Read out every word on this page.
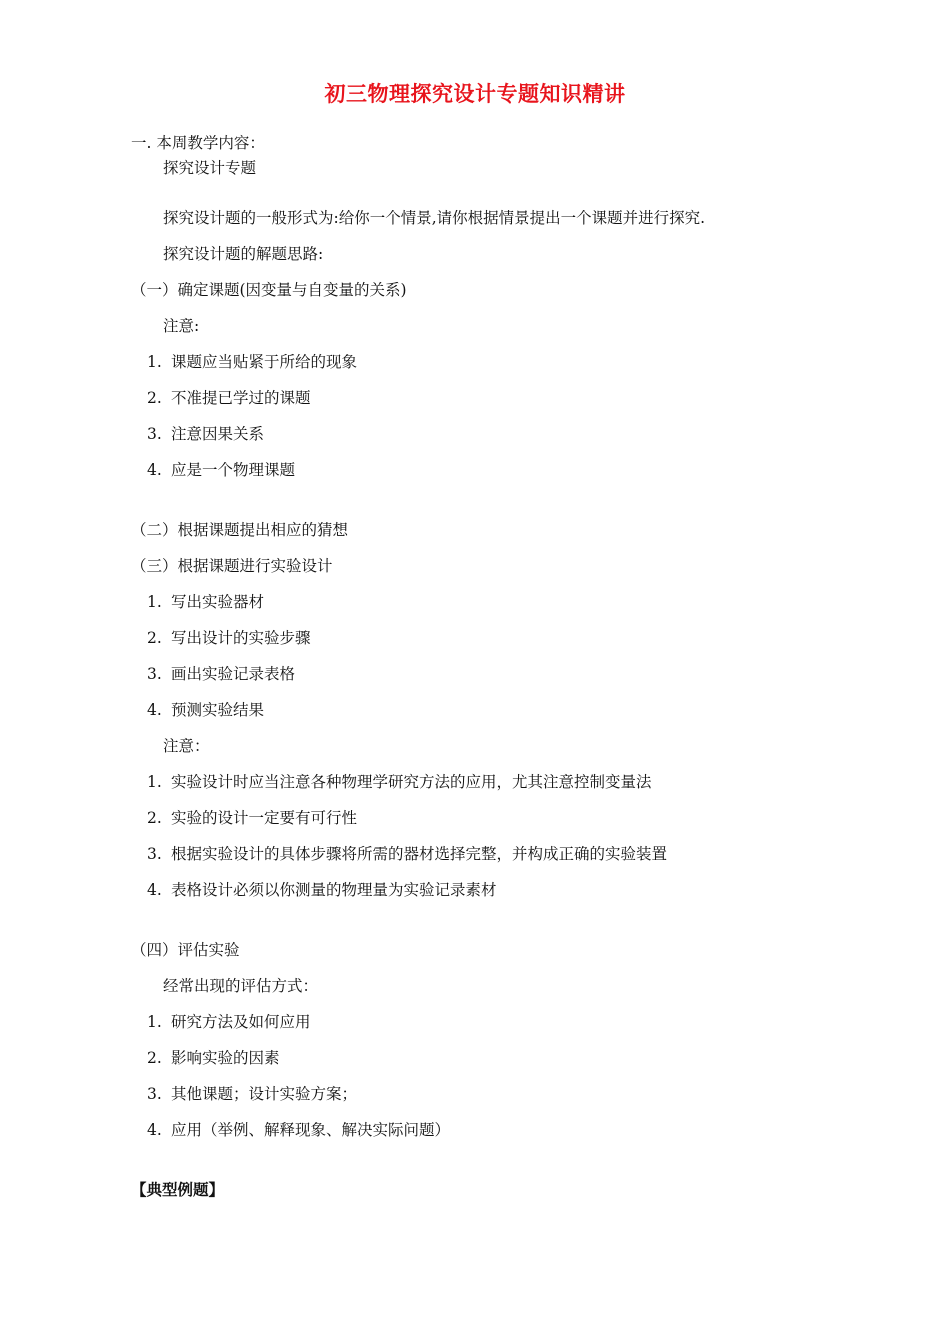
初三物理探究设计专题知识精讲
一. 本周教学内容：
探究设计专题
探究设计题的一般形式为:给你一个情景,请你根据情景提出一个课题并进行探究.
探究设计题的解题思路:
（一）确定课题(因变量与自变量的关系)
注意:
1. 课题应当贴紧于所给的现象
2. 不准提已学过的课题
3. 注意因果关系
4. 应是一个物理课题
（二）根据课题提出相应的猜想
（三）根据课题进行实验设计
1. 写出实验器材
2. 写出设计的实验步骤
3. 画出实验记录表格
4. 预测实验结果
注意：
1. 实验设计时应当注意各种物理学研究方法的应用，尤其注意控制变量法
2. 实验的设计一定要有可行性
3. 根据实验设计的具体步骤将所需的器材选择完整，并构成正确的实验装置
4. 表格设计必须以你测量的物理量为实验记录素材
（四）评估实验
经常出现的评估方式：
1. 研究方法及如何应用
2. 影响实验的因素
3. 其他课题；设计实验方案；
4. 应用（举例、解释现象、解决实际问题）
【典型例题】
